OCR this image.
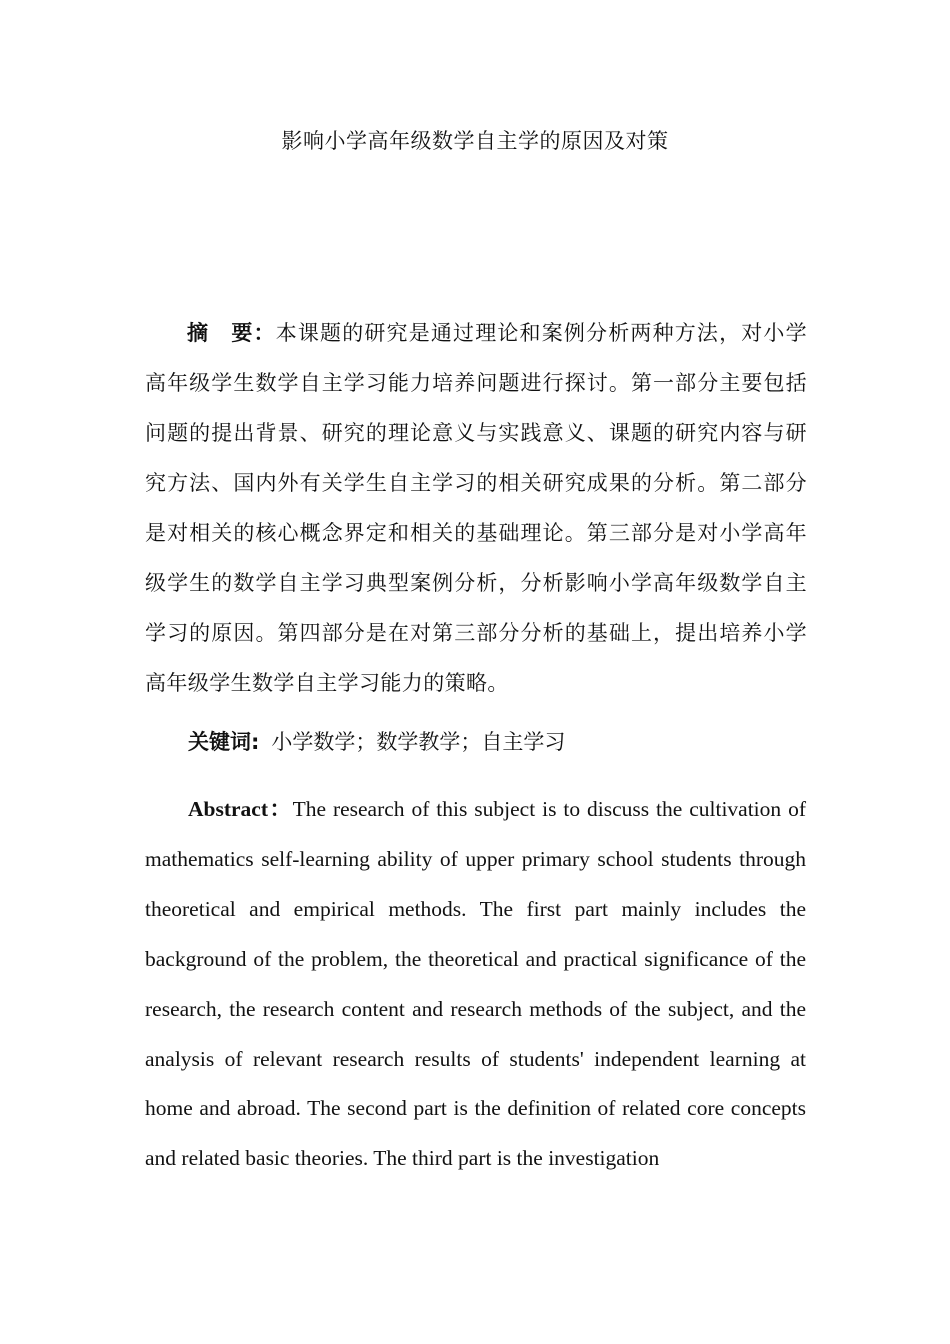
影响小学高年级数学自主学的原因及对策

摘　要：本课题的研究是通过理论和案例分析两种方法，对小学高年级学生数学自主学习能力培养问题进行探讨。第一部分主要包括问题的提出背景、研究的理论意义与实践意义、课题的研究内容与研究方法、国内外有关学生自主学习的相关研究成果的分析。第二部分是对相关的核心概念界定和相关的基础理论。第三部分是对小学高年级学生的数学自主学习典型案例分析，分析影响小学高年级数学自主学习的原因。第四部分是在对第三部分分析的基础上，提出培养小学高年级学生数学自主学习能力的策略。

关键词: 小学数学；数学教学；自主学习

Abstract：The research of this subject is to discuss the cultivation of mathematics self-learning ability of upper primary school students through theoretical and empirical methods. The first part mainly includes the background of the problem, the theoretical and practical significance of the research, the research content and research methods of the subject, and the analysis of relevant research results of students' independent learning at home and abroad. The second part is the definition of related core concepts and related basic theories. The third part is the investigation
